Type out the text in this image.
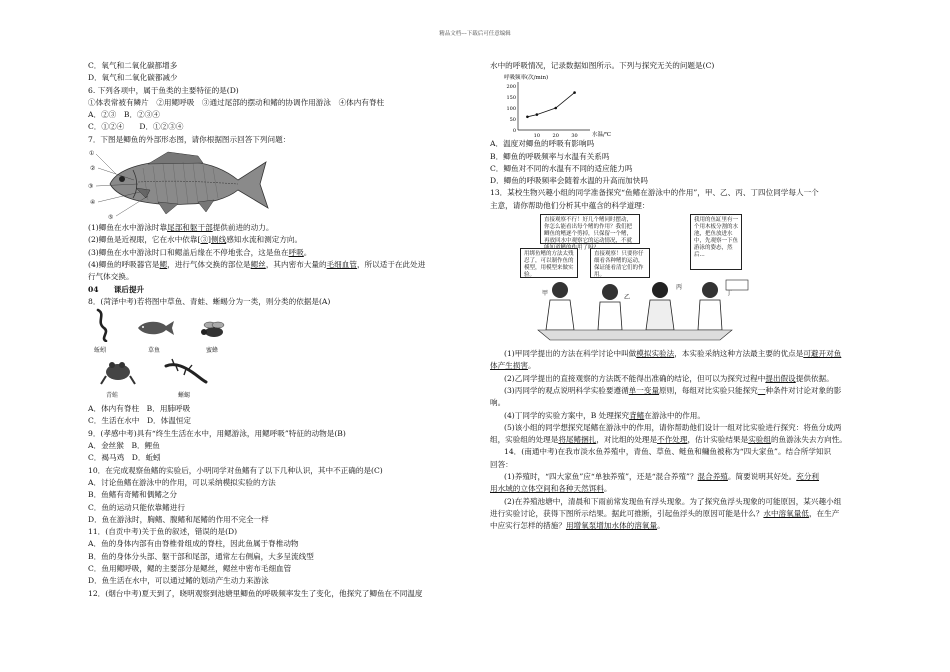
精品文档---下载后可任意编辑
C．氧气和二氧化碳都增多
D．氧气和二氧化碳都减少
6. 下列各项中，属于鱼类的主要特征的是(D)
①体表常被有鳞片　②用鳃呼吸　③通过尾部的摆动和鳍的协调作用游泳　④体内有脊柱
A．②③　B．②③④
C．①②④　　D．①②③④
7．下图是鲫鱼的外部形态图，请你根据图示回答下列问题：
①
②
③
④
⑤
(1)鲫鱼在水中游泳时靠尾部和躯干部提供前进的动力。
(2)鲫鱼是近视眼，它在水中依靠[③]侧线感知水流和测定方向。
(3)鲫鱼在水中游泳时口和鳃盖后缘在不停地张合，这是鱼在呼吸。
(4)鲫鱼的呼吸器官是鳃，进行气体交换的部位是鳃丝，其内密布大量的毛细血管，所以适于在此处进
行气体交换。
04　　课后提升
8．(菏泽中考)若将图中草鱼、青蛙、蜥蜴分为一类，则分类的依据是(A)
蚯蚓	草鱼	蜜蜂
青蛙	蜥蜴
A．体内有脊柱　B．用肺呼吸
C．生活在水中　D．体温恒定
9．(孝感中考)具有“终生生活在水中，用鳃游泳，用鳃呼吸”特征的动物是(B)
A．金丝猴　B．鲤鱼
C．褐马鸡　D．蚯蚓
10．在完成观察鱼鳍的实验后，小明同学对鱼鳍有了以下几种认识，其中不正确的是(C)
A．讨论鱼鳍在游泳中的作用，可以采纳模拟实验的方法
B．鱼鳍有奇鳍和偶鳍之分
C．鱼的运动只能依靠鳍进行
D．鱼在游泳时，胸鳍、腹鳍和尾鳍的作用不完全一样
11．(自贡中考)关于鱼的叙述，错误的是(D)
A．鱼的身体内部有由脊椎骨组成的脊柱，因此鱼属于脊椎动物
B．鱼的身体分头部、躯干部和尾部，通常左右侧扁，大多呈流线型
C．鱼用鳃呼吸，鳃的主要部分是鳃丝，鳃丝中密布毛细血管
D．鱼生活在水中，可以通过鳍的划动产生动力来游泳
12．(烟台中考)夏天到了，晓明观察到池塘里鲫鱼的呼吸频率发生了变化，他探究了鲫鱼在不同温度
水中的呼吸情况，记录数据如图所示。下列与探究无关的问题是(C)
呼吸频率(次/min)
200
150
100
50
0
10 20 30	水温/℃
A．温度对鲫鱼的呼吸有影响吗
B．鲫鱼的呼吸频率与水温有关系吗
C．鲫鱼对不同的水温有不同的适应能力吗
D．鲫鱼的呼吸频率会随着水温的升高而加快吗
13．某校生物兴趣小组的同学准备探究“鱼鳍在游泳中的作用”，甲、乙、丙、丁四位同学每人一个
主意，请你帮助他们分析其中蕴含的科学道理：
直接观察不行！好几个鳍同时摆动，你怎么能看出每个鳍的作用？我们把鲫鱼的鳍逐个剪掉，只保留一个鳍，再放回水中观察它的运动情况，不就 作用了吗？
我用的鱼缸里有一个用木板分割的水池，把鱼放进水中，先观察一下鱼游泳的姿态，然后...
用绑鱼鳍的方法太残忍了，可以制作鱼的模型，用模型来做实验。
直接观察！只要你仔细看各种鳍的运动，保证能看清它们的作用。
甲
乙
丙
丁
(1)甲同学提出的方法在科学讨论中叫做模拟实验法，本实验采纳这种方法最主要的优点是可避开对鱼
体产生损害。
(2)乙同学提出的直接观察的方法既不能得出准确的结论，但可以为探究过程中提出假设提供依据。
(3)丙同学的观点说明科学实验要遵循单一变量原则，每组对比实验只能探究一种条件对讨论对象的影
响。
(4)丁同学的实验方案中，B 处理探究背鳍在游泳中的作用。
(5)该小组的同学想探究尾鳍在游泳中的作用，请你帮助他们设计一组对比实验进行探究：将鱼分成两
组，实验组的处理是将尾鳍捆扎，对比组的处理是不作处理，估计实验结果是实验组的鱼游泳失去方向性。
14．(南通中考)在我市淡水鱼养殖中，青鱼、草鱼、鲢鱼和鳙鱼被称为“四大家鱼”。结合所学知识
回答：
(1)养殖时，“四大家鱼”应“单独养殖”，还是“混合养殖”？混合养殖。简要说明其好处。充分利
用水域的立体空间和各种天然饵料。
(2)在养殖池塘中，清晨和下雨前常发现鱼有浮头现象。为了探究鱼浮头现象的可能原因，某兴趣小组
进行实验讨论，获得下图所示结果。据此可推断，引起鱼浮头的原因可能是什么？水中溶氧量低，在生产
中应实行怎样的措施？用增氧泵增加水体的溶氧量。
